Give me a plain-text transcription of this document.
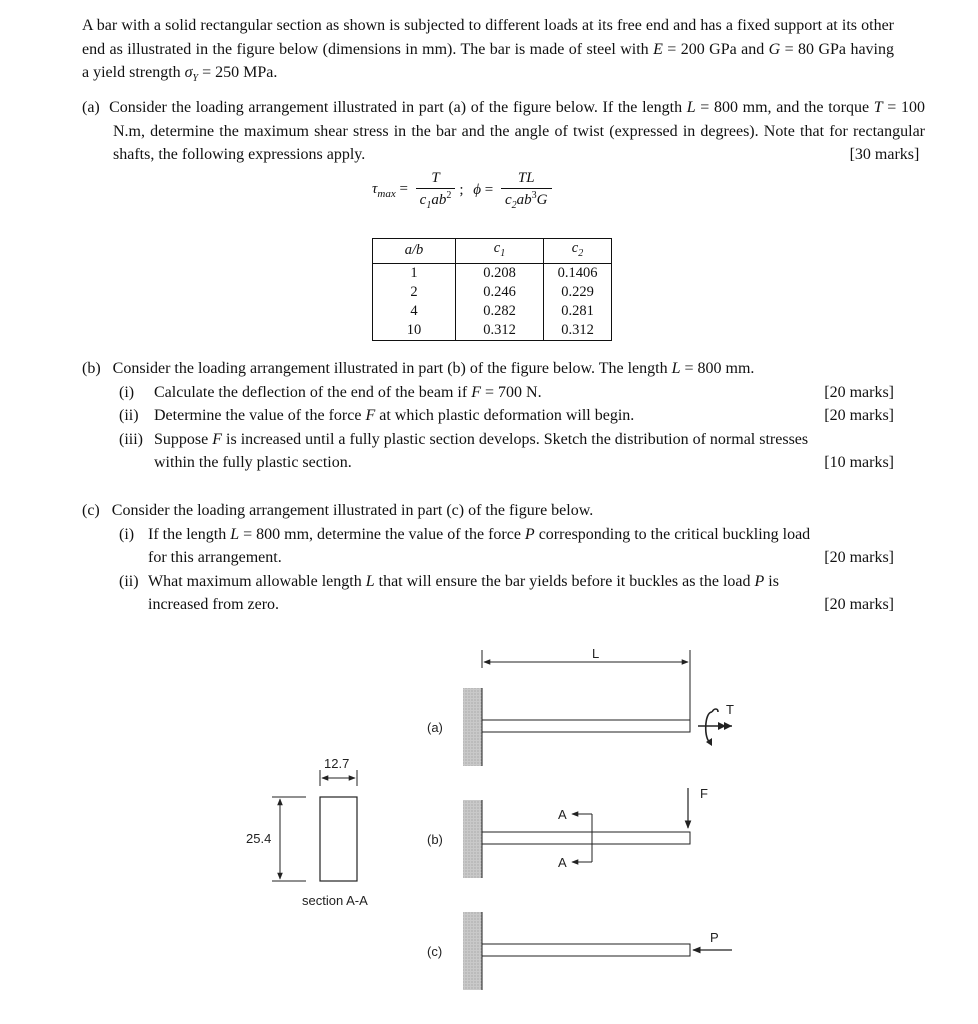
A bar with a solid rectangular section as shown is subjected to different loads at its free end and has a fixed support at its other end as illustrated in the figure below (dimensions in mm). The bar is made of steel with E = 200 GPa and G = 80 GPa having a yield strength $\sigma_Y = 250$ MPa.
(a)  Consider the loading arrangement illustrated in part (a) of the figure below. If the length L = 800 mm, and the torque T = 100 N.m, determine the maximum shear stress in the bar and the angle of twist (expressed in degrees). Note that for rectangular shafts, the following expressions apply.	[30 marks]
$\tau_{max} = \frac{T}{c_1ab^2}$ ; $\phi = \frac{TL}{c_2ab^3G}$
a/b	$c_1$	$c_2$
1	0.208	0.1406
2	0.246	0.229
4	0.282	0.281
10	0.312	0.312
(b)   Consider the loading arrangement illustrated in part (b) of the figure below. The length L = 800 mm.
(i) Calculate the deflection of the end of the beam if F = 700 N.	[20 marks]
(ii) Determine the value of the force F at which plastic deformation will begin.	[20 marks]
(iii) Suppose F is increased until a fully plastic section develops. Sketch the distribution of normal stresses
within the fully plastic section.	[10 marks]
(c) Consider the loading arrangement illustrated in part (c) of the figure below.
(i) If the length L = 800 mm, determine the value of the force P corresponding to the critical buckling load
for this arrangement.	[20 marks]
(ii) What maximum allowable length L that will ensure the bar yields before it buckles as the load P is
increased from zero.	[20 marks]
L
(a)
T
(b)
F
A
A
(c)
P
12.7
25.4
section A-A
